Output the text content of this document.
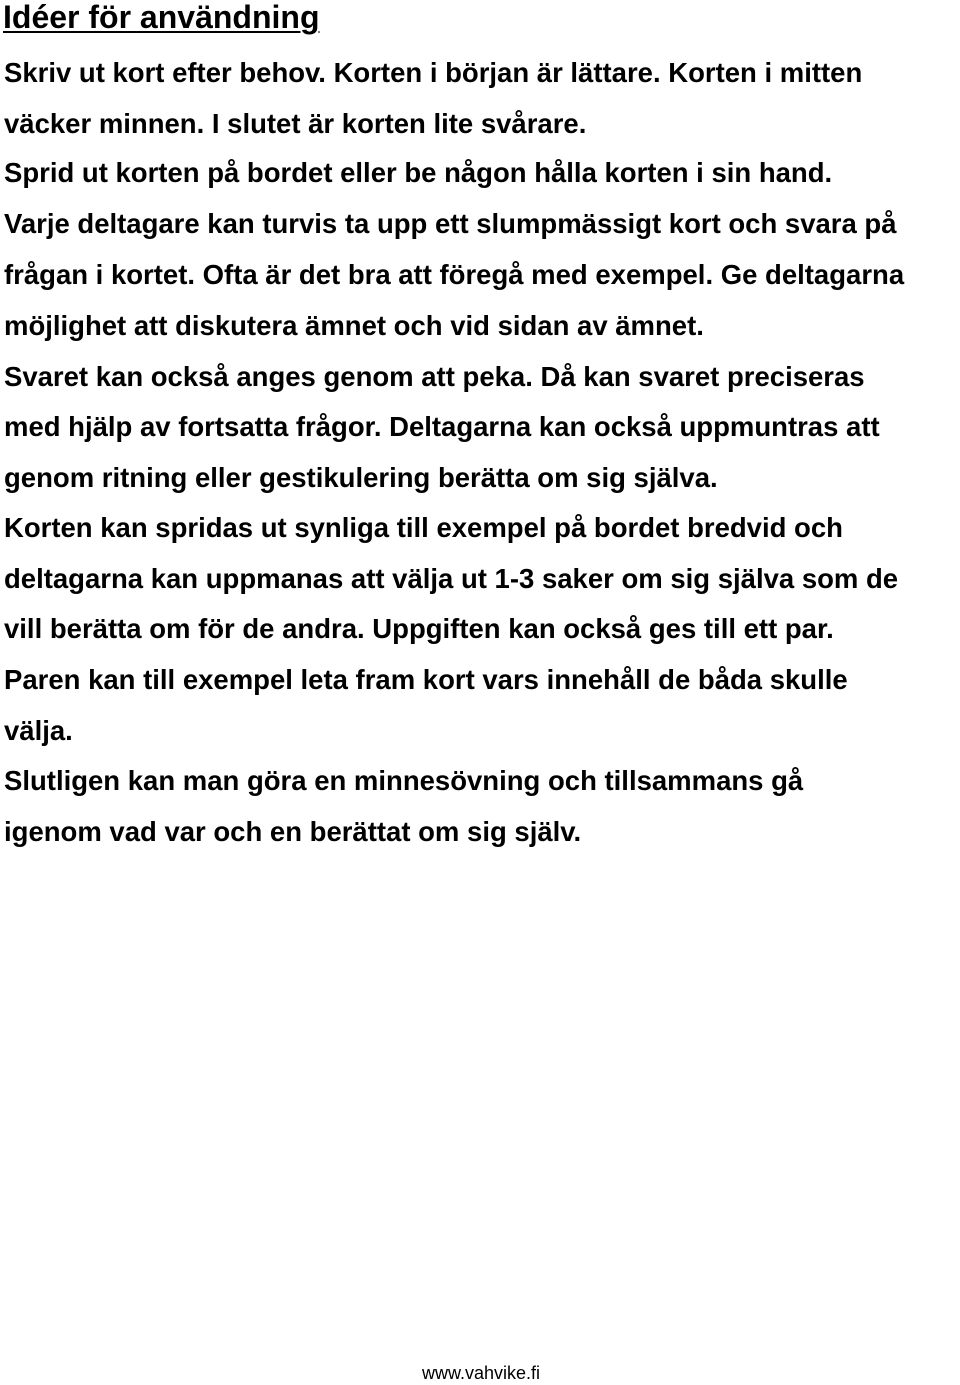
Idéer för användning

Skriv ut kort efter behov. Korten i början är lättare. Korten i mitten

väcker minnen. I slutet är korten lite svårare.

Sprid ut korten på bordet eller be någon hålla korten i sin hand.

Varje deltagare kan turvis ta upp ett slumpmässigt kort och svara på

frågan i kortet. Ofta är det bra att föregå med exempel. Ge deltagarna

möjlighet att diskutera ämnet och vid sidan av ämnet.

Svaret kan också anges genom att peka. Då kan svaret preciseras

med hjälp av fortsatta frågor. Deltagarna kan också uppmuntras att

genom ritning eller gestikulering berätta om sig själva.

Korten kan spridas ut synliga till exempel på bordet bredvid och

deltagarna kan uppmanas att välja ut 1-3 saker om sig själva som de

vill berätta om för de andra. Uppgiften kan också ges till ett par.

Paren kan till exempel leta fram kort vars innehåll de båda skulle

välja.

Slutligen kan man göra en minnesövning och tillsammans gå

igenom vad var och en berättat om sig själv.

www.vahvike.fi
